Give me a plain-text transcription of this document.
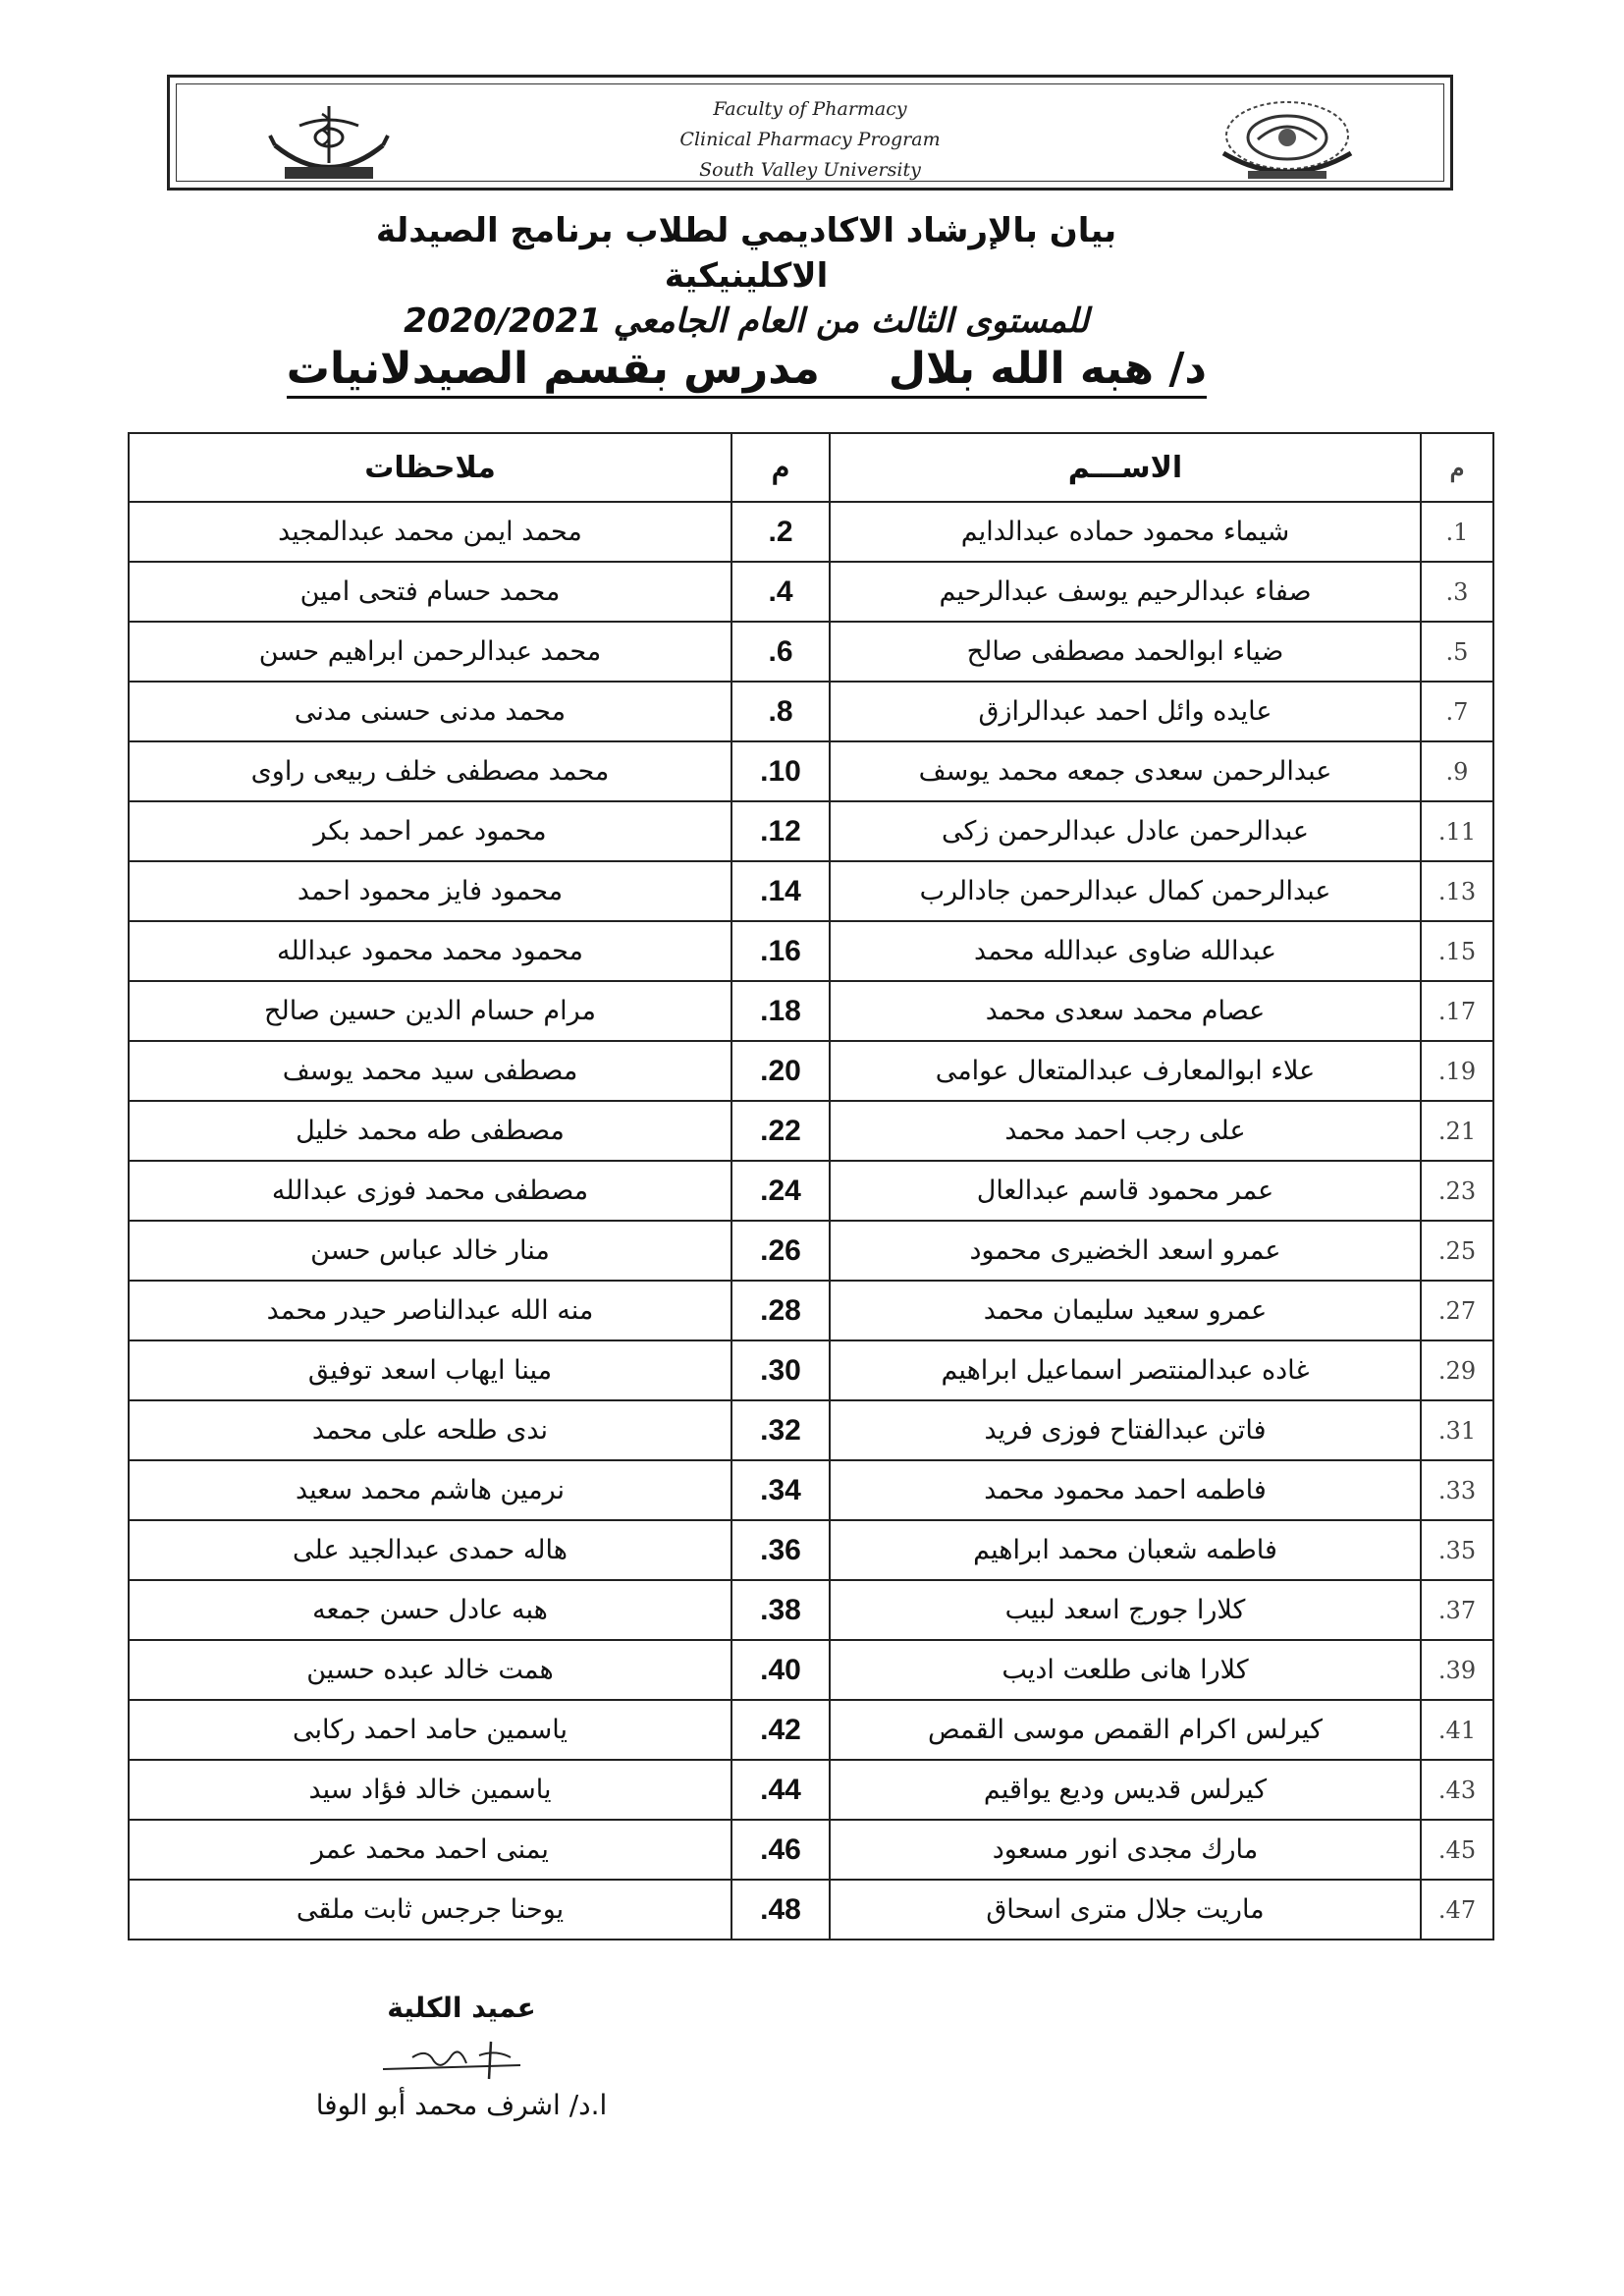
Faculty of Pharmacy
Clinical Pharmacy Program
South Valley University
بيان بالإرشاد الاكاديمي لطلاب برنامج الصيدلة الاكلينيكية
للمستوى الثالث من العام الجامعي 2020/2021
د/ هبه الله بلالمدرس بقسم الصيدلانيات
م	الاســـم	م	ملاحظات
1.	شيماء محمود حماده عبدالدايم	2.	محمد ايمن محمد عبدالمجيد
3.	صفاء عبدالرحيم يوسف عبدالرحيم	4.	محمد حسام فتحى امين
5.	ضياء ابوالحمد مصطفى صالح	6.	محمد عبدالرحمن ابراهيم حسن
7.	عايده وائل احمد عبدالرازق	8.	محمد مدنى حسنى مدنى
9.	عبدالرحمن سعدى جمعه محمد يوسف	10.	محمد مصطفى خلف ربيعى راوى
11.	عبدالرحمن عادل عبدالرحمن زكى	12.	محمود عمر احمد بكر
13.	عبدالرحمن كمال عبدالرحمن جادالرب	14.	محمود فايز محمود احمد
15.	عبدالله ضاوى عبدالله محمد	16.	محمود محمد محمود عبدالله
17.	عصام محمد سعدى محمد	18.	مرام حسام الدين حسين صالح
19.	علاء ابوالمعارف عبدالمتعال عوامى	20.	مصطفى سيد محمد يوسف
21.	على رجب احمد محمد	22.	مصطفى طه محمد خليل
23.	عمر محمود قاسم عبدالعال	24.	مصطفى محمد فوزى عبدالله
25.	عمرو اسعد الخضيرى محمود	26.	منار خالد عباس حسن
27.	عمرو سعيد سليمان محمد	28.	منه الله عبدالناصر حيدر محمد
29.	غاده عبدالمنتصر اسماعيل ابراهيم	30.	مينا ايهاب اسعد توفيق
31.	فاتن عبدالفتاح فوزى فريد	32.	ندى طلحه على محمد
33.	فاطمه احمد محمود محمد	34.	نرمين هاشم محمد سعيد
35.	فاطمه شعبان محمد ابراهيم	36.	هاله حمدى عبدالجيد على
37.	كلارا جورج اسعد لبيب	38.	هبه عادل حسن جمعه
39.	كلارا هانى طلعت اديب	40.	همت خالد عبده حسين
41.	كيرلس اكرام القمص موسى القمص	42.	ياسمين حامد احمد ركابى
43.	كيرلس قديس وديع يواقيم	44.	ياسمين خالد فؤاد سيد
45.	مارك مجدى انور مسعود	46.	يمنى احمد محمد عمر
47.	ماريت جلال مترى اسحاق	48.	يوحنا جرجس ثابت ملقى
عميد الكلية
ا.د/ اشرف محمد أبو الوفا
